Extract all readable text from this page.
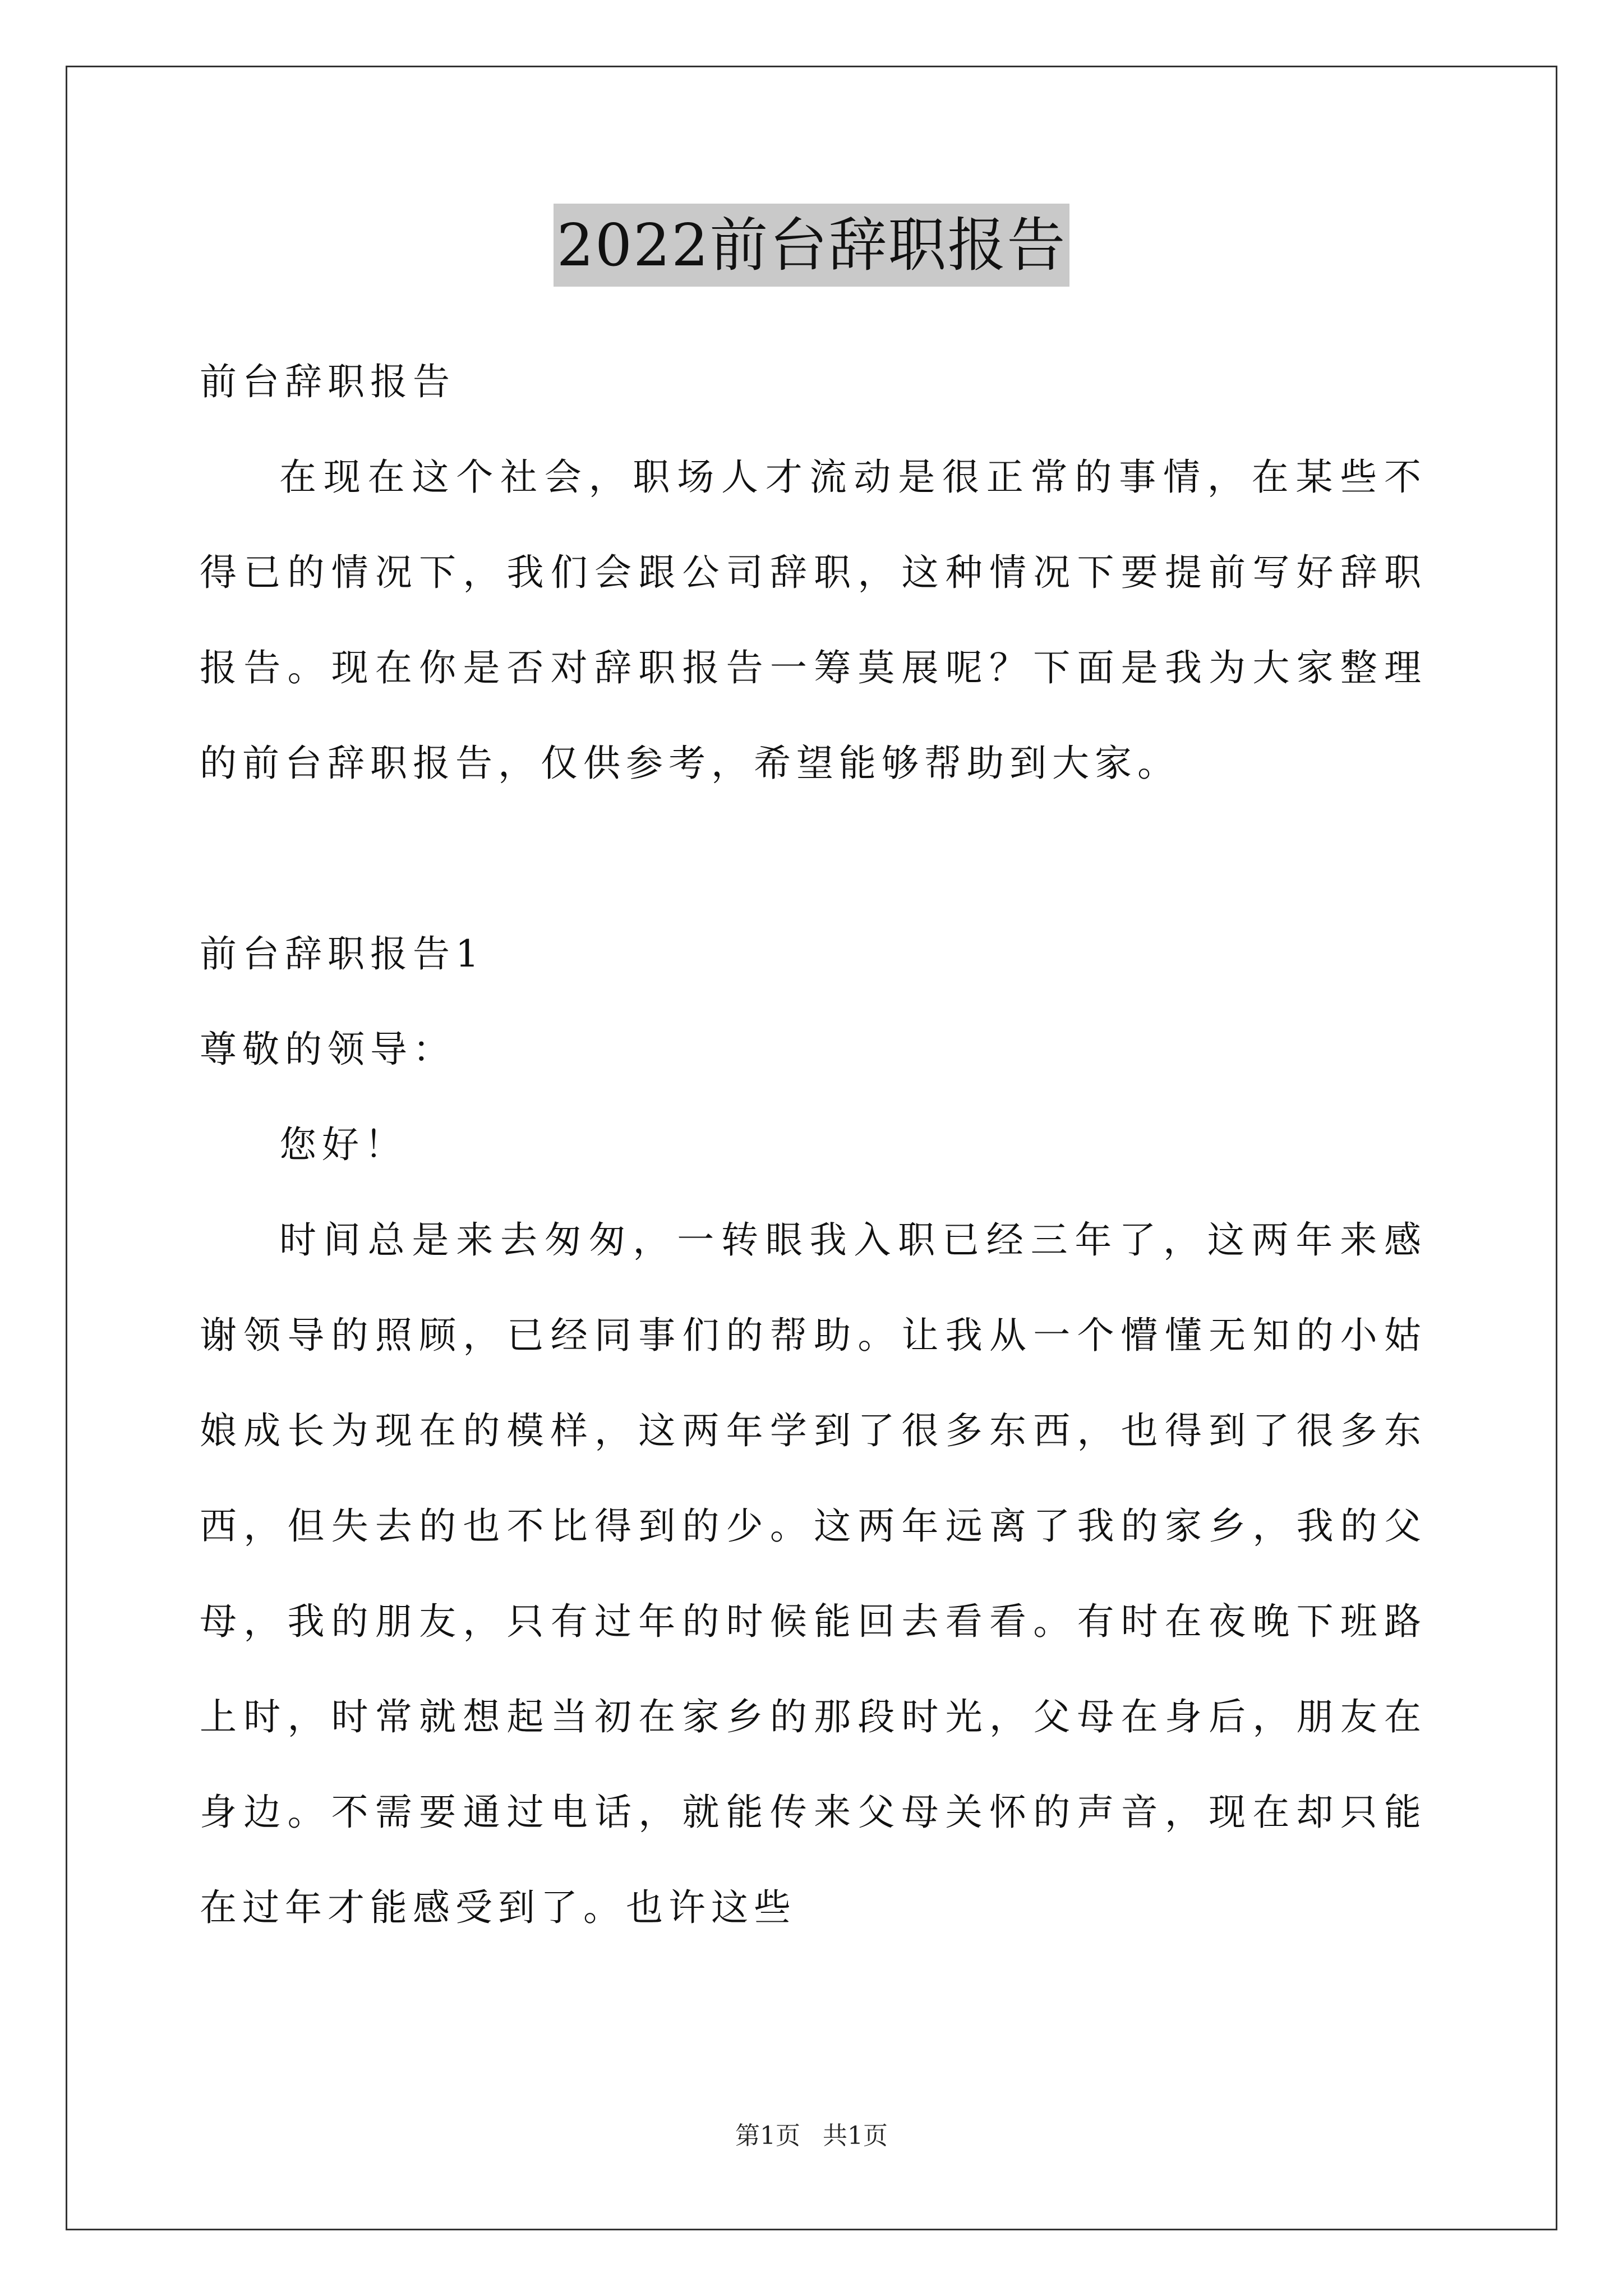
2022前台辞职报告

前台辞职报告

在现在这个社会，职场人才流动是很正常的事情，在某些不得已的情况下，我们会跟公司辞职，这种情况下要提前写好辞职报告。现在你是否对辞职报告一筹莫展呢？下面是我为大家整理的前台辞职报告，仅供参考，希望能够帮助到大家。

前台辞职报告1

尊敬的领导：

您好！

时间总是来去匆匆，一转眼我入职已经三年了，这两年来感谢领导的照顾，已经同事们的帮助。让我从一个懵懂无知的小姑娘成长为现在的模样，这两年学到了很多东西，也得到了很多东西，但失去的也不比得到的少。这两年远离了我的家乡，我的父母，我的朋友，只有过年的时候能回去看看。有时在夜晚下班路上时，时常就想起当初在家乡的那段时光，父母在身后，朋友在身边。不需要通过电话，就能传来父母关怀的声音，现在却只能在过年才能感受到了。也许这些

第1页 共1页
